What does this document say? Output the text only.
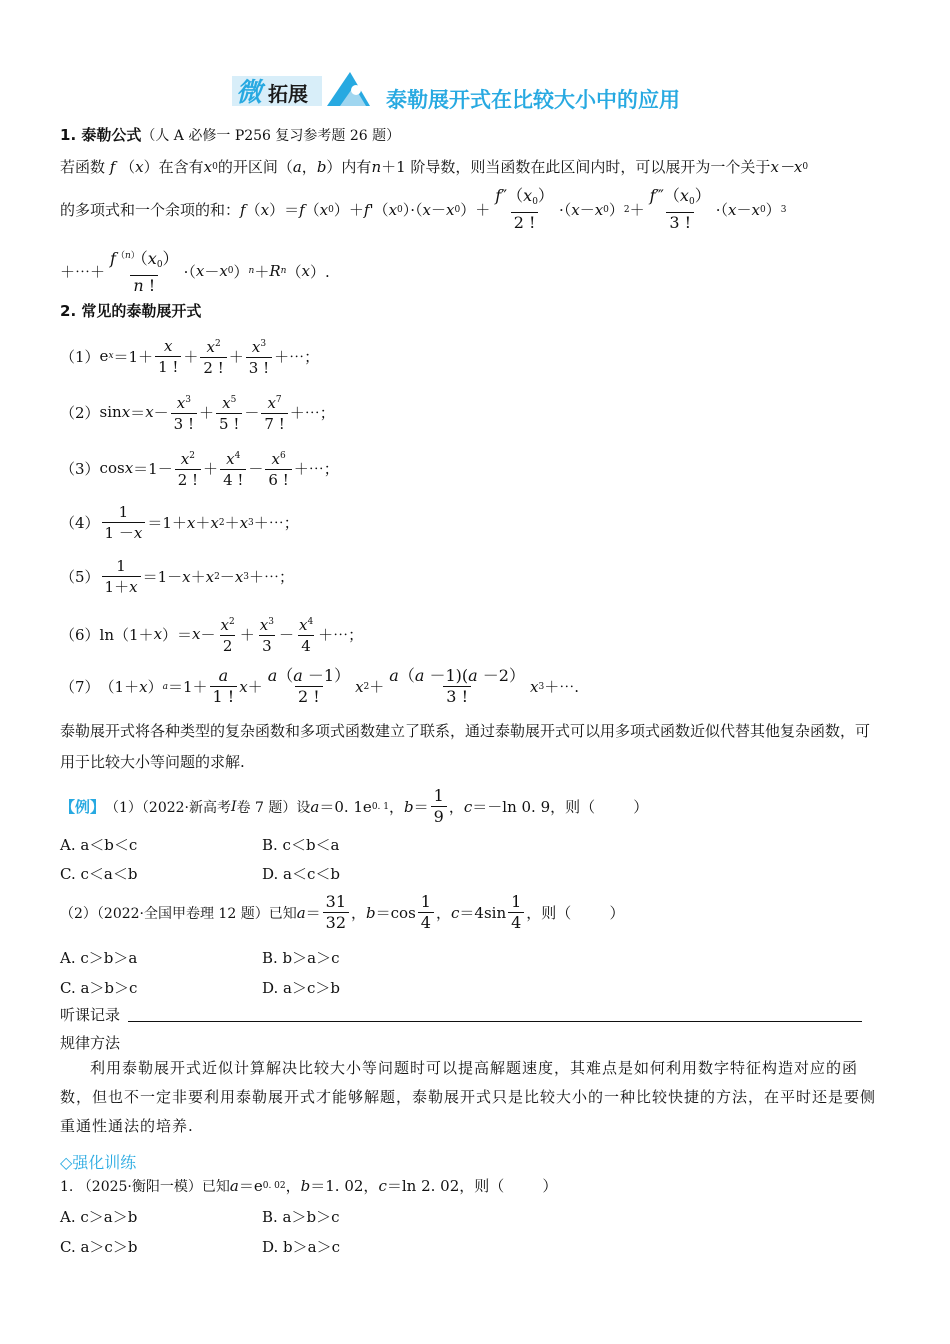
微 拓展	泰勒展开式在比较大小中的应用
1 . 泰勒公式 （人 A 必修一 P256 复习参考题 26 题）
若函数 f （ x ） 在含有 x 0 的开区间（ a ， b ）内有 n ＋1 阶导数，则当函数在此区间内时，可以展开为一个关于 x－x 0
的多项式和一个余项的和： f （ x ）＝ f （ x 0 ）＋ f '（ x 0 ）·（ x － x 0 ）＋ $\frac{f''(x_0)}{2 !}$ ·（ x － x 0 ） $2 + \frac{f‴(x_0)}{3 !}$ ·（ x － x 0 ） 3
＋⋯＋ $\frac{f^{(n)}(x_0)}{n !}$ ·（ x － x 0 ） n ＋ R n （ x ）.
2 . 常见的泰勒展开式
（1） e $x =1+ \frac{x}{1 !} + \frac{x^2}{2 !} + \frac{x^3}{3 !}$ ＋⋯；
（2） $\sin x = x - \frac{x^3}{3 !} + \frac{x^5}{5 !} - \frac{x^7}{7 !}$ ＋⋯；
（3） $\cos x =1- \frac{x^2}{2 !} + \frac{x^4}{4 !} - \frac{x^6}{6 !}$ ＋⋯；
$(4) \frac{1}{1 -x} =1+ x + x$ 2 ＋ x 3 ＋⋯；
$(5) \frac{1}{1+x} =1- x + x$ 2 － x 3 ＋⋯；
（6） ln（1＋ x ）＝ $x - \frac{x^2}{2} + \frac{x^3}{3} - \frac{x^4}{4}$ ＋⋯；
（7） （1＋ x ） $a =1+ \frac{a}{1 !}$ $x + \frac{a(a -1)}{2 !}$ x $2 + \frac{a(a -1)(a -2)}{3 !}$ x 3 ＋⋯.
泰勒展开式将各种类型的复杂函数和多项式函数建立了联系，通过泰勒展开式可以用多项式函数近似代替其他复杂函数，可用于比较大小等问题的求解.
【例】 （1）（2022·新高考 Ⅰ 卷 7 题）设 a ＝0. 1e 0. 1 ， $b = \frac{1}{9}$ ， c ＝－ln 0. 9，则（        ）
A. a＜b＜c	B. c＜b＜a
C. c＜a＜b	D. a＜c＜b
（2）（2022·全国甲卷理 12 题）已知 $a = \frac{31}{32}$ ， $b =\cos \frac{1}{4}$ ， $c =4\sin \frac{1}{4}$ ，则（        ）
A. c＞b＞a	B. b＞a＞c
C. a＞b＞c	D. a＞c＞b
听课记录
规律方法
利用泰勒展开式近似计算解决比较大小等问题时可以提高解题速度，其难点是如何利用数字特征构造对应的函数，但也不一定非要利用泰勒展开式才能够解题，泰勒展开式只是比较大小的一种比较快捷的方法，在平时还是要侧重通性通法的培养.
◇强化训练
1. （2025·衡阳一模）已知 a ＝e 0. 02 ， b ＝1. 02， c ＝ln 2. 02，则（        ）
A. c＞a＞b	B. a＞b＞c
C. a＞c＞b	D. b＞a＞c
